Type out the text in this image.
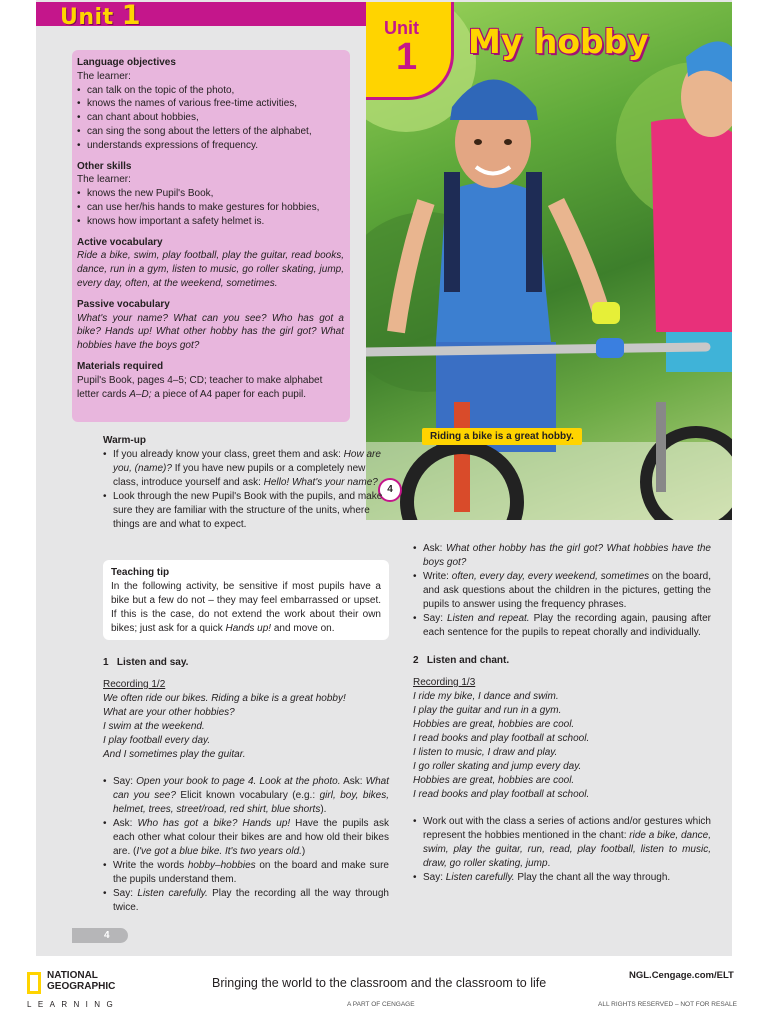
Unit 1	Unit
1 My hobby
Riding a bike is a great hobby.
4
Language objectives
The learner:
• can talk on the topic of the photo,
• knows the names of various free-time activities,
• can chant about hobbies,
• can sing the song about the letters of the alphabet,
• understands expressions of frequency.
Other skills
The learner:
• knows the new Pupil's Book,
• can use her/his hands to make gestures for hobbies,
• knows how important a safety helmet is.
Active vocabulary
Ride a bike, swim, play football, play the guitar, read books, dance, run in a gym, listen to music, go roller skating, jump, every day, often, at the weekend, sometimes.
Passive vocabulary
What's your name? What can you see? Who has got a bike? Hands up! What other hobby has the girl got? What hobbies have the boys got?
Materials required
Pupil's Book, pages 4–5; CD; teacher to make alphabet letter cards A–D; a piece of A4 paper for each pupil.
Warm-up
• If you already know your class, greet them and ask: How are you, (name)? If you have new pupils or a completely new class, introduce yourself and ask: Hello! What's your name?
• Look through the new Pupil's Book with the pupils, and make sure they are familiar with the structure of the units, where things are and what to expect.
Teaching tip
In the following activity, be sensitive if most pupils have a bike but a few do not – they may feel embarrassed or upset. If this is the case, do not extend the work about their own bikes; just ask for a quick Hands up! and move on.
1 Listen and say.
Recording 1/2
We often ride our bikes. Riding a bike is a great hobby!
What are your other hobbies?
I swim at the weekend.
I play football every day.
And I sometimes play the guitar.
• Say: Open your book to page 4. Look at the photo. Ask: What can you see? Elicit known vocabulary (e.g.: girl, boy, bikes, helmet, trees, street/road, red shirt, blue shorts).
• Ask: Who has got a bike? Hands up! Have the pupils ask each other what colour their bikes are and how old their bikes are. (I've got a blue bike. It's two years old.)
• Write the words hobby–hobbies on the board and make sure the pupils understand them.
• Say: Listen carefully. Play the recording all the way through twice.
• Ask: What other hobby has the girl got? What hobbies have the boys got?
• Write: often, every day, every weekend, sometimes on the board, and ask questions about the children in the pictures, getting the pupils to answer using the frequency phrases.
• Say: Listen and repeat. Play the recording again, pausing after each sentence for the pupils to repeat chorally and individually.
2 Listen and chant.
Recording 1/3
I ride my bike, I dance and swim.
I play the guitar and run in a gym.
Hobbies are great, hobbies are cool.
I read books and play football at school.
I listen to music, I draw and play.
I go roller skating and jump every day.
Hobbies are great, hobbies are cool.
I read books and play football at school.
• Work out with the class a series of actions and/or gestures which represent the hobbies mentioned in the chant: ride a bike, dance, swim, play the guitar, run, read, play football, listen to music, draw, go roller skating, jump.
• Say: Listen carefully. Play the chant all the way through.
4
NATIONAL
GEOGRAPHIC
LEARNING
Bringing the world to the classroom and the classroom to life
A PART OF CENGAGE
NGL.Cengage.com/ELT
ALL RIGHTS RESERVED – NOT FOR RESALE
